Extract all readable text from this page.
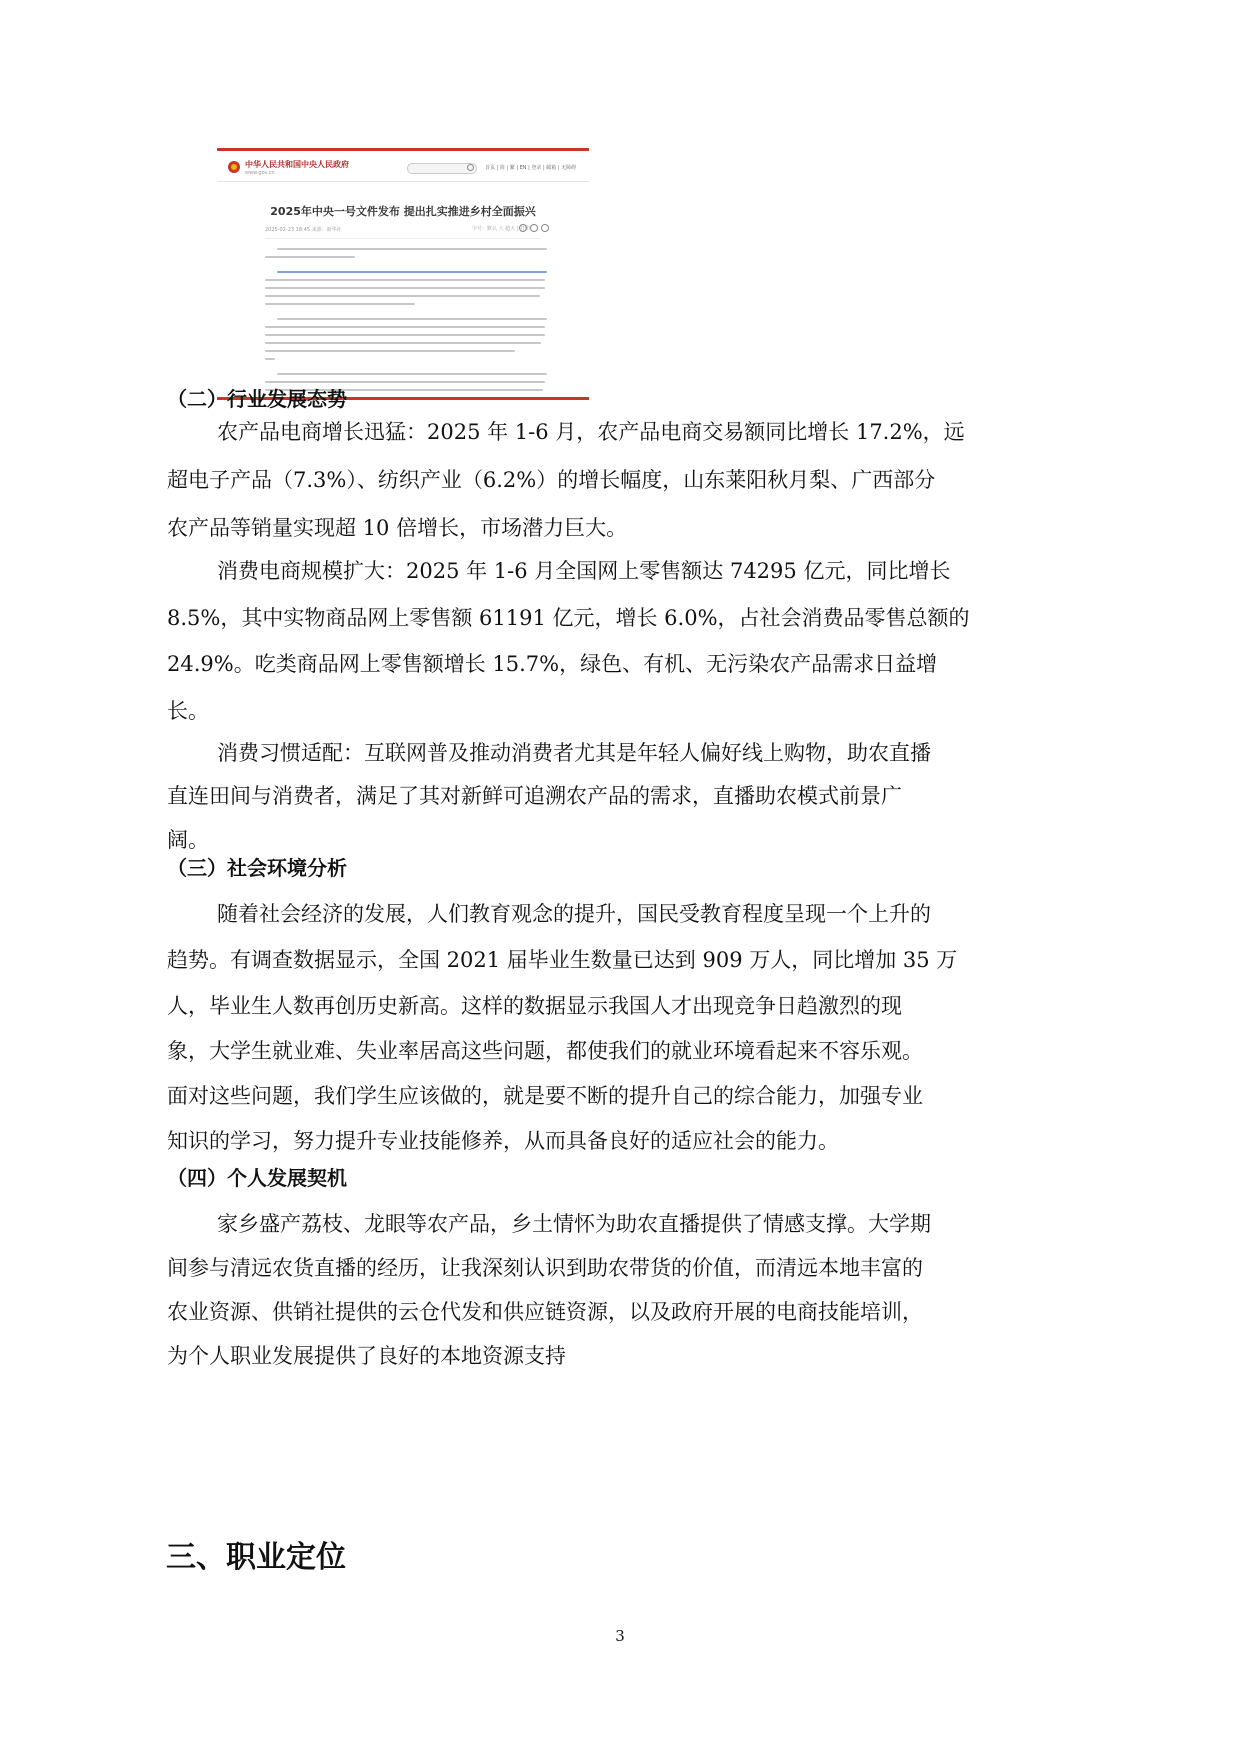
中华人民共和国中央人民政府
www.gov.cn
首页 | 简 | 繁 | EN | 登录 | 邮箱 | 无障碍
2025年中央一号文件发布 提出扎实推进乡村全面振兴
2025-02-23 18:45 来源：新华社	字号：默认 大 超大 | 打印
（二）行业发展态势

农产品电商增长迅猛：2025 年 1-6 月，农产品电商交易额同比增长 17.2%，远

超电子产品（7.3%）、纺织产业（6.2%）的增长幅度，山东莱阳秋月梨、广西部分

农产品等销量实现超 10 倍增长，市场潜力巨大。

消费电商规模扩大：2025 年 1-6 月全国网上零售额达 74295 亿元，同比增长

8.5%，其中实物商品网上零售额 61191 亿元，增长 6.0%，占社会消费品零售总额的

24.9%。吃类商品网上零售额增长 15.7%，绿色、有机、无污染农产品需求日益增

长。

消费习惯适配：互联网普及推动消费者尤其是年轻人偏好线上购物，助农直播

直连田间与消费者，满足了其对新鲜可追溯农产品的需求，直播助农模式前景广

阔。

（三）社会环境分析

随着社会经济的发展，人们教育观念的提升，国民受教育程度呈现一个上升的

趋势。有调查数据显示，全国 2021 届毕业生数量已达到 909 万人，同比增加 35 万

人，毕业生人数再创历史新高。这样的数据显示我国人才出现竞争日趋激烈的现

象，大学生就业难、失业率居高这些问题，都使我们的就业环境看起来不容乐观。

面对这些问题，我们学生应该做的，就是要不断的提升自己的综合能力，加强专业

知识的学习，努力提升专业技能修养，从而具备良好的适应社会的能力。

（四）个人发展契机

家乡盛产荔枝、龙眼等农产品，乡土情怀为助农直播提供了情感支撑。大学期

间参与清远农货直播的经历，让我深刻认识到助农带货的价值，而清远本地丰富的

农业资源、供销社提供的云仓代发和供应链资源，以及政府开展的电商技能培训，

为个人职业发展提供了良好的本地资源支持

三、职业定位
3
